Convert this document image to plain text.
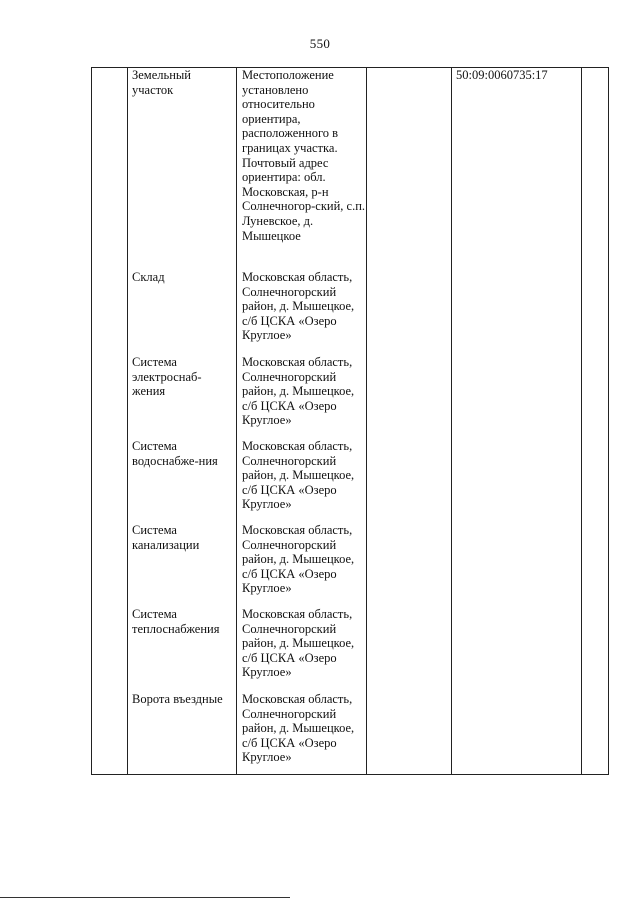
550
Земельный участок
Местоположение установлено относительно ориентира, расположенного в границах участка. Почтовый адрес ориентира: обл. Московская, р-н Солнечногор-ский, с.п. Луневское, д. Мышецкое
50:09:0060735:17
Склад	Московская область, Солнечногорский район, д. Мышецкое, с/б ЦСКА «Озеро Круглое»
Система электроснаб-жения
Московская область, Солнечногорский район, д. Мышецкое, с/б ЦСКА «Озеро Круглое»
Система водоснабже-ния
Московская область, Солнечногорский район, д. Мышецкое, с/б ЦСКА «Озеро Круглое»
Система канализации
Московская область, Солнечногорский район, д. Мышецкое, с/б ЦСКА «Озеро Круглое»
Система теплоснабжения
Московская область, Солнечногорский район, д. Мышецкое, с/б ЦСКА «Озеро Круглое»
Ворота въездные	Московская область, Солнечногорский район, д. Мышецкое, с/б ЦСКА «Озеро Круглое»
